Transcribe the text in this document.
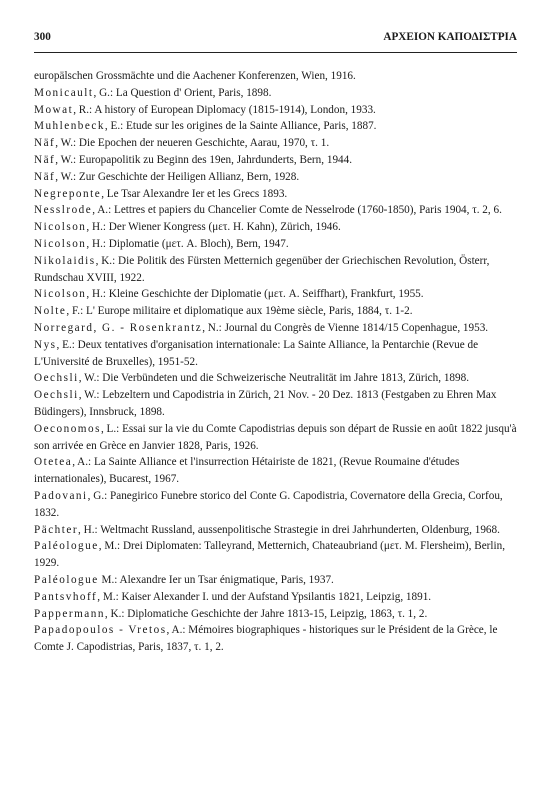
300	ΑΡΧΕΙΟΝ ΚΑΠΟΔΙΣΤΡΙΑ
europälschen Grossmächte und die Aachener Konferenzen, Wien, 1916.
Monicault, G.: La Question d' Orient, Paris, 1898.
Mowat, R.: A history of European Diplomacy (1815-1914), London, 1933.
Muhlenbeck, E.: Etude sur les origines de la Sainte Alliance, Paris, 1887.
Näf, W.: Die Epochen der neueren Geschichte, Aarau, 1970, τ. 1.
Näf, W.: Europapolitik zu Beginn des 19en, Jahrdunderts, Bern, 1944.
Näf, W.: Zur Geschichte der Heiligen Allianz, Bern, 1928.
Negreponte, Le Tsar Alexandre Ier et les Grecs 1893.
Nesslrode, A.: Lettres et papiers du Chancelier Comte de Nesselrode (1760-1850), Paris 1904, τ. 2, 6.
Nicolson, H.: Der Wiener Kongress (μετ. H. Kahn), Zürich, 1946.
Nicolson, H.: Diplomatie (μετ. A. Bloch), Bern, 1947.
Nikolaidis, K.: Die Politik des Fürsten Metternich gegenüber der Griechischen Revolution, Österr, Rundschau XVIII, 1922.
Nicolson, H.: Kleine Geschichte der Diplomatie (μετ. A. Seiffhart), Frankfurt, 1955.
Nolte, F.: L' Europe militaire et diplomatique aux 19ème siècle, Paris, 1884, τ. 1-2.
Norregard, G. - Rosenkrantz, N.: Journal du Congrès de Vienne 1814/15 Copenhague, 1953.
Nys, E.: Deux tentatives d'organisation internationale: La Sainte Alliance, la Pentarchie (Revue de L'Université de Bruxelles), 1951-52.
Oechsli, W.: Die Verbündeten und die Schweizerische Neutralität im Jahre 1813, Zürich, 1898.
Oechsli, W.: Lebzeltern und Capodistria in Zürich, 21 Nov. - 20 Dez. 1813 (Festgaben zu Ehren Max Büdingers), Innsbruck, 1898.
Oeconomos, L.: Essai sur la vie du Comte Capodistrias depuis son départ de Russie en août 1822 jusqu'à son arrivée en Grèce en Janvier 1828, Paris, 1926.
Otetea, A.: La Sainte Alliance et l'insurrection Hétairiste de 1821, (Revue Roumaine d'études internationales), Bucarest, 1967.
Padovani, G.: Panegirico Funebre storico del Conte G. Capodistria, Covernatore della Grecia, Corfou, 1832.
Pächter, H.: Weltmacht Russland, aussenpolitische Strastegie in drei Jahrhunderten, Oldenburg, 1968.
Paléologue, M.: Drei Diplomaten: Talleyrand, Metternich, Chateaubriand (μετ. M. Flersheim), Berlin, 1929.
Paléologue M.: Alexandre Ier un Tsar énigmatique, Paris, 1937.
Pantsvhoff, M.: Kaiser Alexander I. und der Aufstand Ypsilantis 1821, Leipzig, 1891.
Pappermann, K.: Diplomatiche Geschichte der Jahre 1813-15, Leipzig, 1863, τ. 1, 2.
Papadopoulos - Vretos, A.: Mémoires biographiques - historiques sur le Président de la Grèce, le Comte J. Capodistrias, Paris, 1837, τ. 1, 2.
